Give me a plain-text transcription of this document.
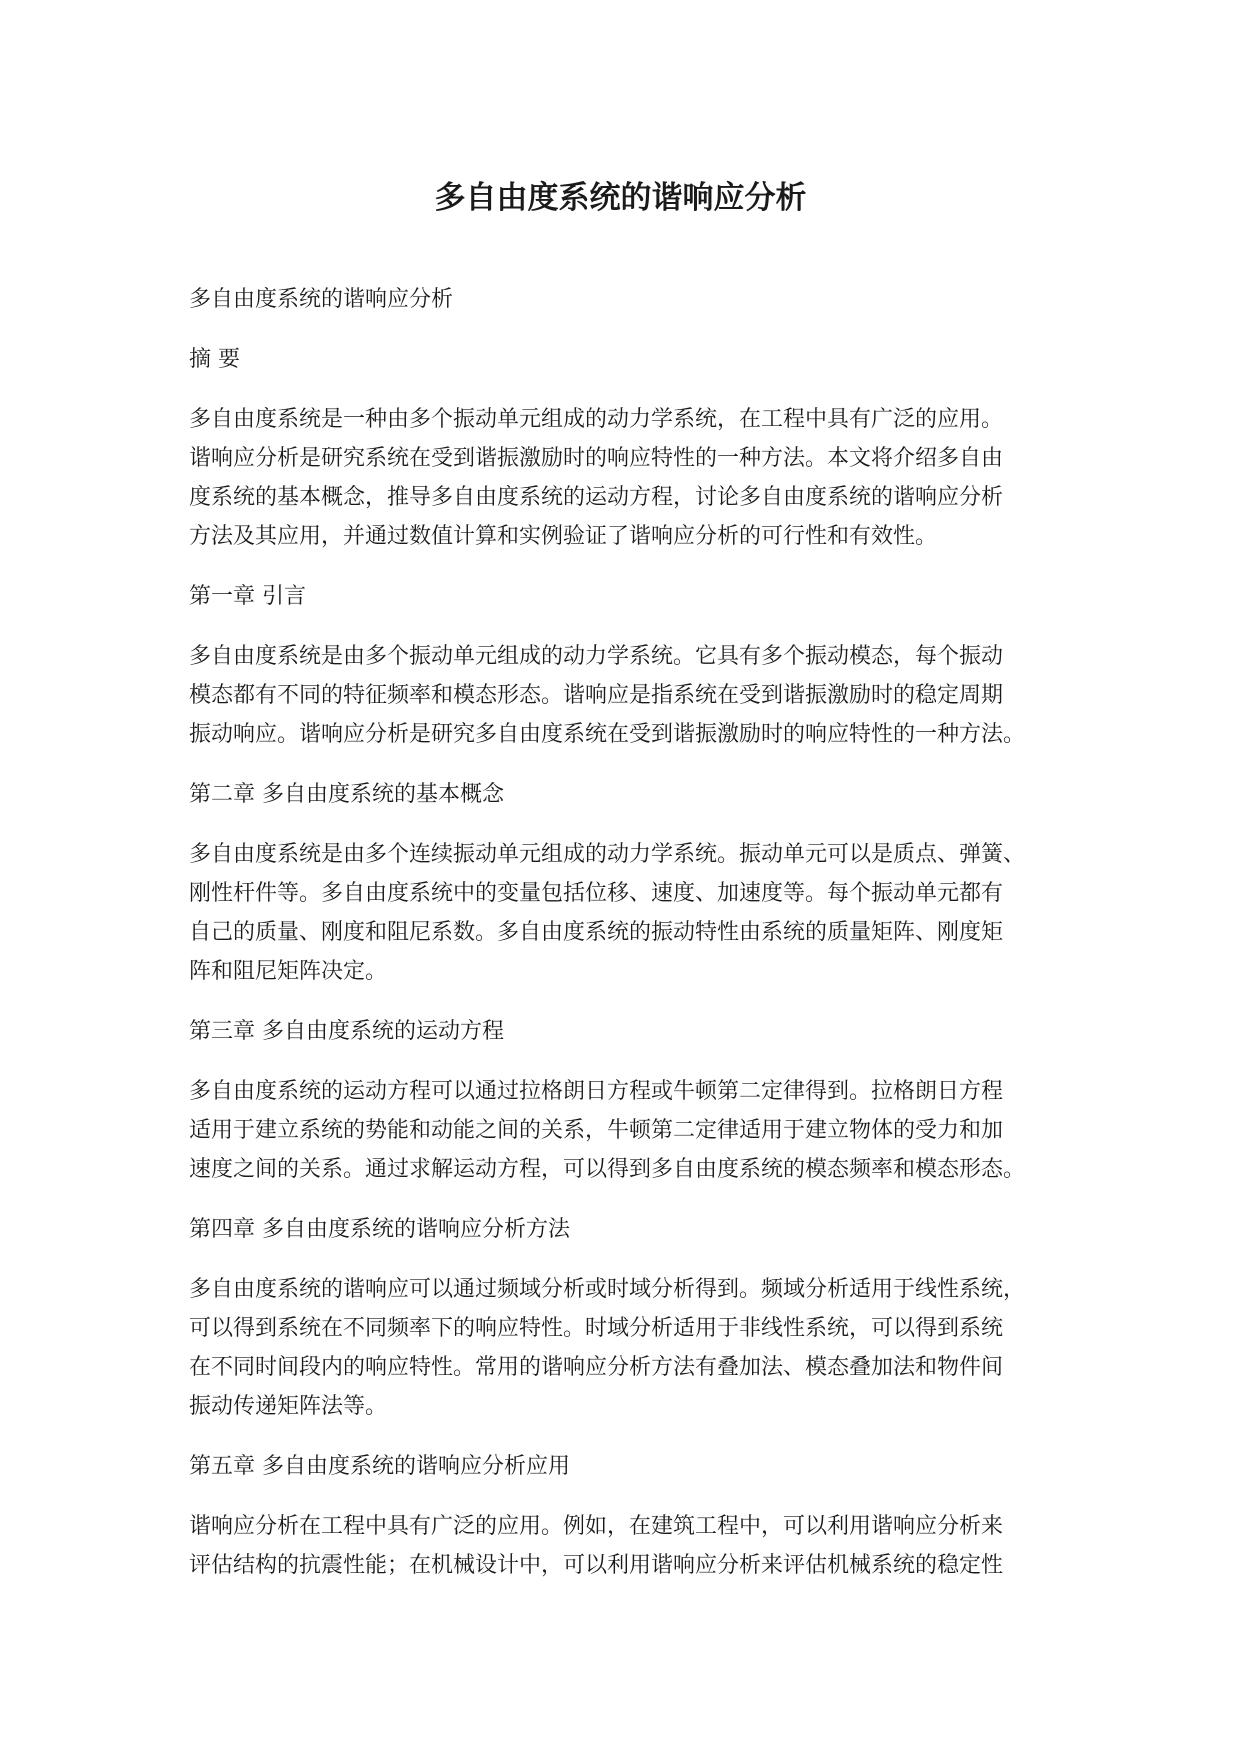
多自由度系统的谐响应分析

多自由度系统的谐响应分析

摘 要

多自由度系统是一种由多个振动单元组成的动力学系统，在工程中具有广泛的应用。
谐响应分析是研究系统在受到谐振激励时的响应特性的一种方法。本文将介绍多自由
度系统的基本概念，推导多自由度系统的运动方程，讨论多自由度系统的谐响应分析
方法及其应用，并通过数值计算和实例验证了谐响应分析的可行性和有效性。

第一章 引言

多自由度系统是由多个振动单元组成的动力学系统。它具有多个振动模态，每个振动
模态都有不同的特征频率和模态形态。谐响应是指系统在受到谐振激励时的稳定周期
振动响应。谐响应分析是研究多自由度系统在受到谐振激励时的响应特性的一种方法。

第二章 多自由度系统的基本概念

多自由度系统是由多个连续振动单元组成的动力学系统。振动单元可以是质点、弹簧、
刚性杆件等。多自由度系统中的变量包括位移、速度、加速度等。每个振动单元都有
自己的质量、刚度和阻尼系数。多自由度系统的振动特性由系统的质量矩阵、刚度矩
阵和阻尼矩阵决定。

第三章 多自由度系统的运动方程

多自由度系统的运动方程可以通过拉格朗日方程或牛顿第二定律得到。拉格朗日方程
适用于建立系统的势能和动能之间的关系，牛顿第二定律适用于建立物体的受力和加
速度之间的关系。通过求解运动方程，可以得到多自由度系统的模态频率和模态形态。

第四章 多自由度系统的谐响应分析方法

多自由度系统的谐响应可以通过频域分析或时域分析得到。频域分析适用于线性系统，
可以得到系统在不同频率下的响应特性。时域分析适用于非线性系统，可以得到系统
在不同时间段内的响应特性。常用的谐响应分析方法有叠加法、模态叠加法和物件间
振动传递矩阵法等。

第五章 多自由度系统的谐响应分析应用

谐响应分析在工程中具有广泛的应用。例如，在建筑工程中，可以利用谐响应分析来
评估结构的抗震性能；在机械设计中，可以利用谐响应分析来评估机械系统的稳定性
